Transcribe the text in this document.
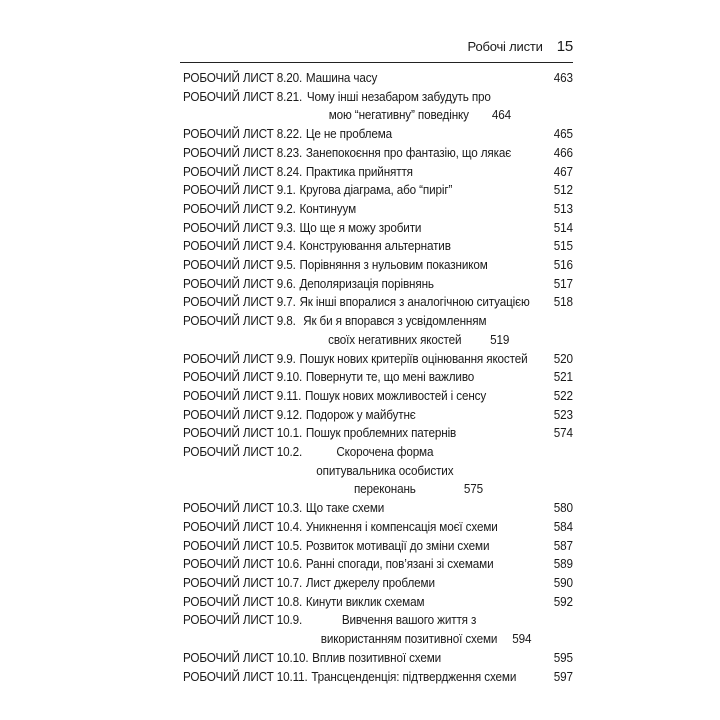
Робочі листи 15
РОБОЧИЙ ЛИСТ 8.20. Машина часу	463
РОБОЧИЙ ЛИСТ 8.21. Чому інші незабаром забудуть про мою “негативну” поведінку	464
РОБОЧИЙ ЛИСТ 8.22. Це не проблема	465
РОБОЧИЙ ЛИСТ 8.23. Занепокоєння про фантазію, що лякає	466
РОБОЧИЙ ЛИСТ 8.24. Практика прийняття	467
РОБОЧИЙ ЛИСТ 9.1. Кругова діаграма, або “пиріг”	512
РОБОЧИЙ ЛИСТ 9.2. Континуум	513
РОБОЧИЙ ЛИСТ 9.3. Що ще я можу зробити	514
РОБОЧИЙ ЛИСТ 9.4. Конструювання альтернатив	515
РОБОЧИЙ ЛИСТ 9.5. Порівняння з нульовим показником	516
РОБОЧИЙ ЛИСТ 9.6. Деполяризація порівнянь	517
РОБОЧИЙ ЛИСТ 9.7. Як інші впоралися з аналогічною ситуацією	518
РОБОЧИЙ ЛИСТ 9.8. Як би я впорався з усвідомленням своїх негативних якостей	519
РОБОЧИЙ ЛИСТ 9.9. Пошук нових критеріїв оцінювання якостей	520
РОБОЧИЙ ЛИСТ 9.10. Повернути те, що мені важливо	521
РОБОЧИЙ ЛИСТ 9.11. Пошук нових можливостей і сенсу	522
РОБОЧИЙ ЛИСТ 9.12. Подорож у майбутнє	523
РОБОЧИЙ ЛИСТ 10.1. Пошук проблемних патернів	574
РОБОЧИЙ ЛИСТ 10.2.	Скорочена форма опитувальника особистих переконань	575
РОБОЧИЙ ЛИСТ 10.3. Що таке схеми	580
РОБОЧИЙ ЛИСТ 10.4. Уникнення і компенсація моєї схеми	584
РОБОЧИЙ ЛИСТ 10.5. Розвиток мотивації до зміни схеми	587
РОБОЧИЙ ЛИСТ 10.6. Ранні спогади, пов’язані зі схемами	589
РОБОЧИЙ ЛИСТ 10.7. Лист джерелу проблеми	590
РОБОЧИЙ ЛИСТ 10.8. Кинути виклик схемам	592
РОБОЧИЙ ЛИСТ 10.9.	Вивчення вашого життя з використанням позитивної схеми	594
РОБОЧИЙ ЛИСТ 10.10. Вплив позитивної схеми	595
РОБОЧИЙ ЛИСТ 10.11. Трансценденція: підтвердження схеми	597
